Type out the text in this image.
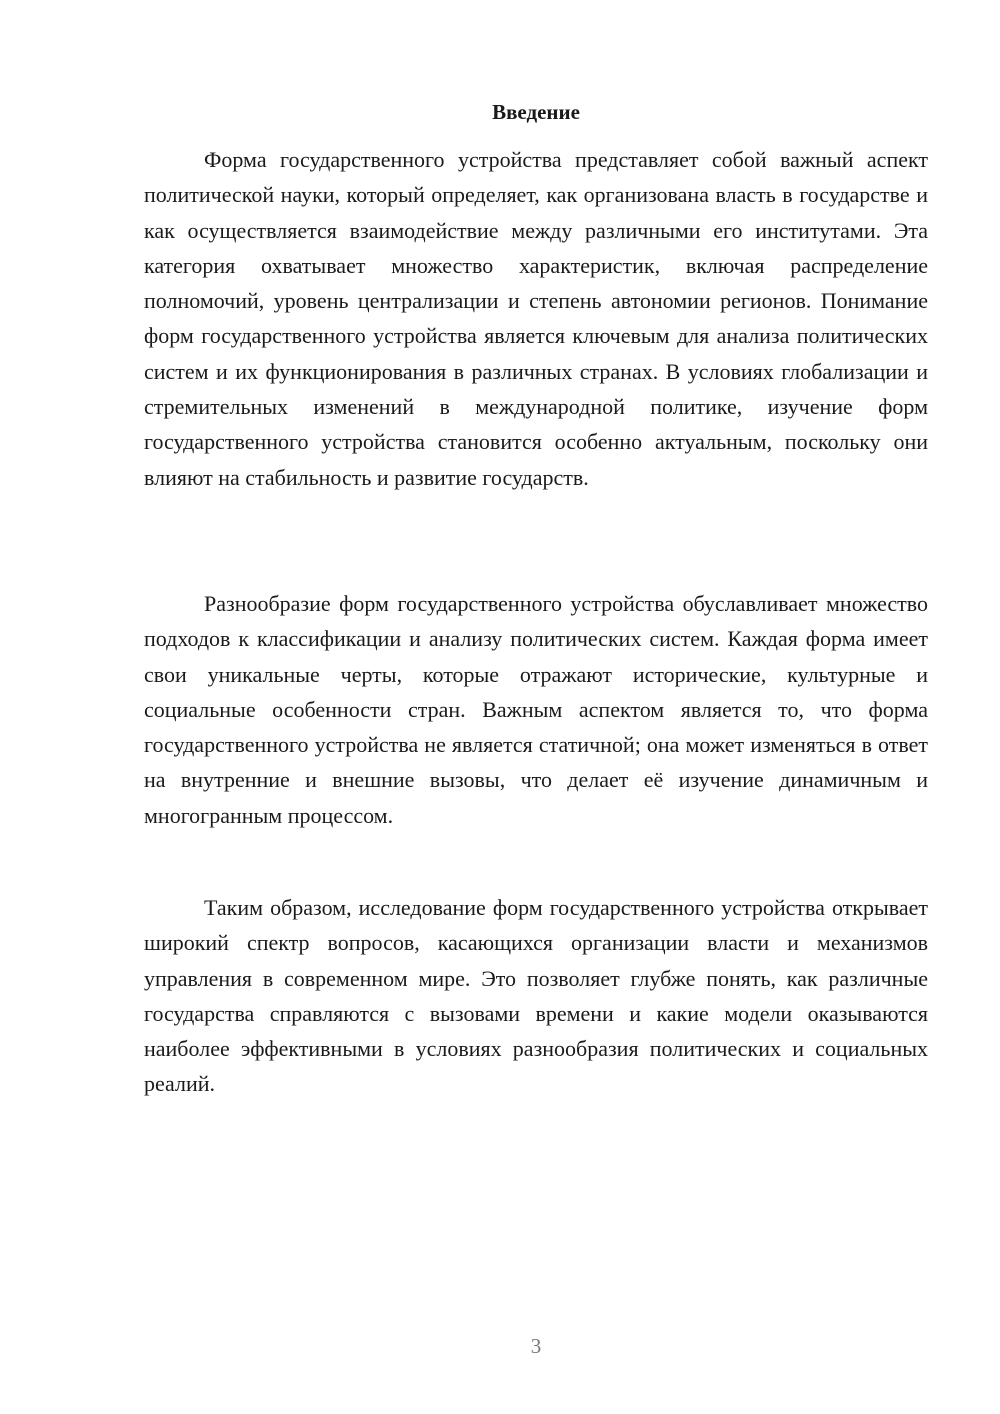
Введение

Форма государственного устройства представляет собой важный аспект политической науки, который определяет, как организована власть в государстве и как осуществляется взаимодействие между различными его институтами. Эта категория охватывает множество характеристик, включая распределение полномочий, уровень централизации и степень автономии регионов. Понимание форм государственного устройства является ключевым для анализа политических систем и их функционирования в различных странах. В условиях глобализации и стремительных изменений в международной политике, изучение форм государственного устройства становится особенно актуальным, поскольку они влияют на стабильность и развитие государств.

Разнообразие форм государственного устройства обуславливает множество подходов к классификации и анализу политических систем. Каждая форма имеет свои уникальные черты, которые отражают исторические, культурные и социальные особенности стран. Важным аспектом является то, что форма государственного устройства не является статичной; она может изменяться в ответ на внутренние и внешние вызовы, что делает её изучение динамичным и многогранным процессом.

Таким образом, исследование форм государственного устройства открывает широкий спектр вопросов, касающихся организации власти и механизмов управления в современном мире. Это позволяет глубже понять, как различные государства справляются с вызовами времени и какие модели оказываются наиболее эффективными в условиях разнообразия политических и социальных реалий.

3
